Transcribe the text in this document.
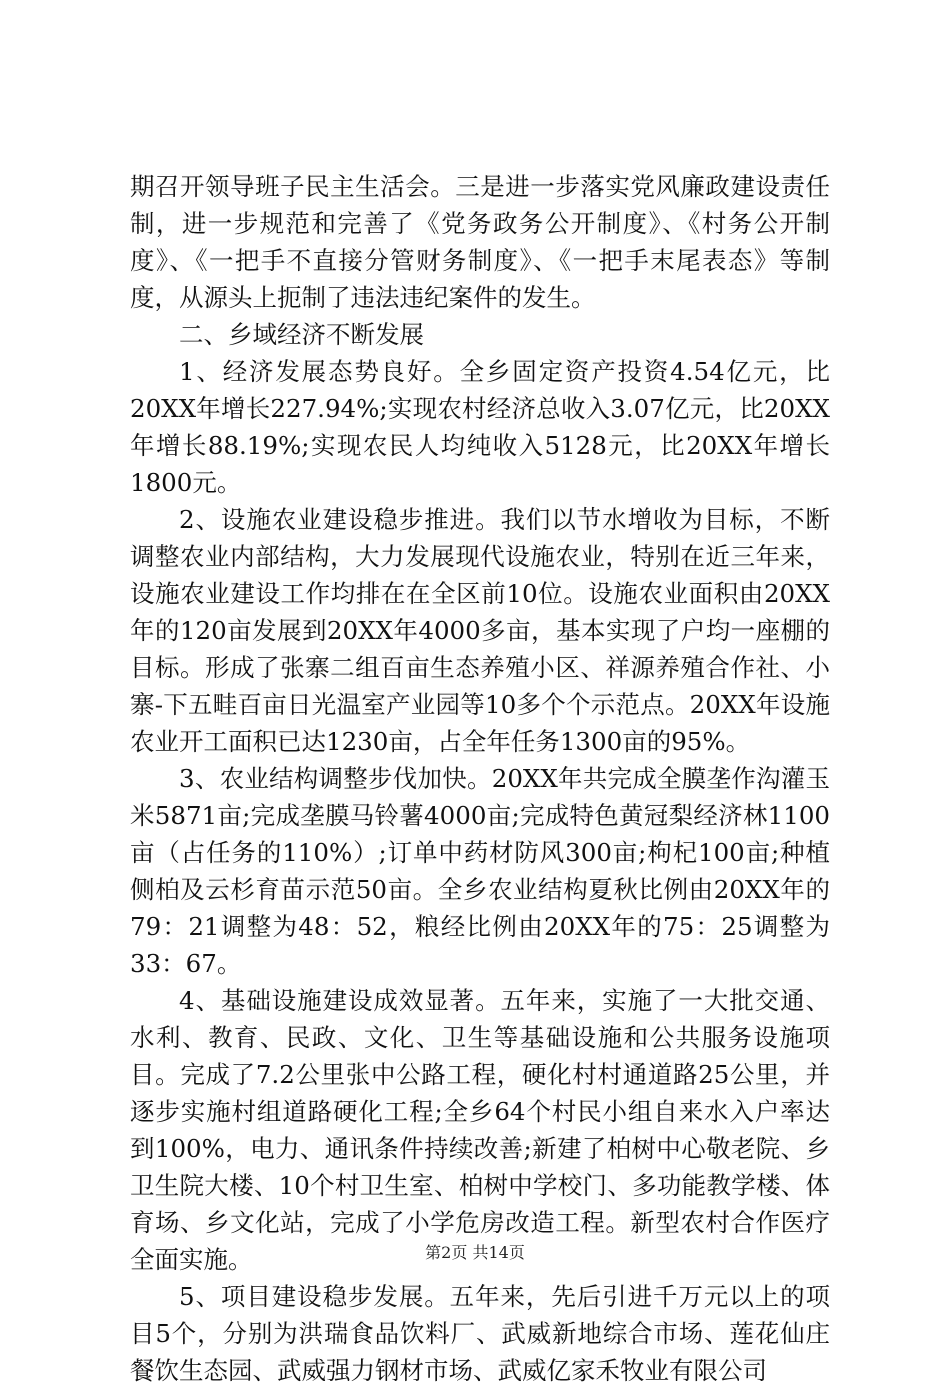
期召开领导班子民主生活会。三是进一步落实党风廉政建设责任制，进一步规范和完善了《党务政务公开制度》、《村务公开制度》、《一把手不直接分管财务制度》、《一把手末尾表态》等制度，从源头上扼制了违法违纪案件的发生。

二、乡域经济不断发展

1、经济发展态势良好。全乡固定资产投资4.54亿元，比20XX年增长227.94%;实现农村经济总收入3.07亿元，比20XX年增长88.19%;实现农民人均纯收入5128元，比20XX年增长1800元。

2、设施农业建设稳步推进。我们以节水增收为目标，不断调整农业内部结构，大力发展现代设施农业，特别在近三年来，设施农业建设工作均排在在全区前10位。设施农业面积由20XX年的120亩发展到20XX年4000多亩，基本实现了户均一座棚的目标。形成了张寨二组百亩生态养殖小区、祥源养殖合作社、小寨-下五畦百亩日光温室产业园等10多个个示范点。20XX年设施农业开工面积已达1230亩，占全年任务1300亩的95%。

3、农业结构调整步伐加快。20XX年共完成全膜垄作沟灌玉米5871亩;完成垄膜马铃薯4000亩;完成特色黄冠梨经济林1100亩（占任务的110%）;订单中药材防风300亩;枸杞100亩;种植侧柏及云杉育苗示范50亩。全乡农业结构夏秋比例由20XX年的79：21调整为48：52，粮经比例由20XX年的75：25调整为33：67。

4、基础设施建设成效显著。五年来，实施了一大批交通、水利、教育、民政、文化、卫生等基础设施和公共服务设施项目。完成了7.2公里张中公路工程，硬化村村通道路25公里，并逐步实施村组道路硬化工程;全乡64个村民小组自来水入户率达到100%，电力、通讯条件持续改善;新建了柏树中心敬老院、乡卫生院大楼、10个村卫生室、柏树中学校门、多功能教学楼、体育场、乡文化站，完成了小学危房改造工程。新型农村合作医疗全面实施。

5、项目建设稳步发展。五年来，先后引进千万元以上的项目5个，分别为洪瑞食品饮料厂、武威新地综合市场、莲花仙庄餐饮生态园、武威强力钢材市场、武威亿家禾牧业有限公司

第2页 共14页
